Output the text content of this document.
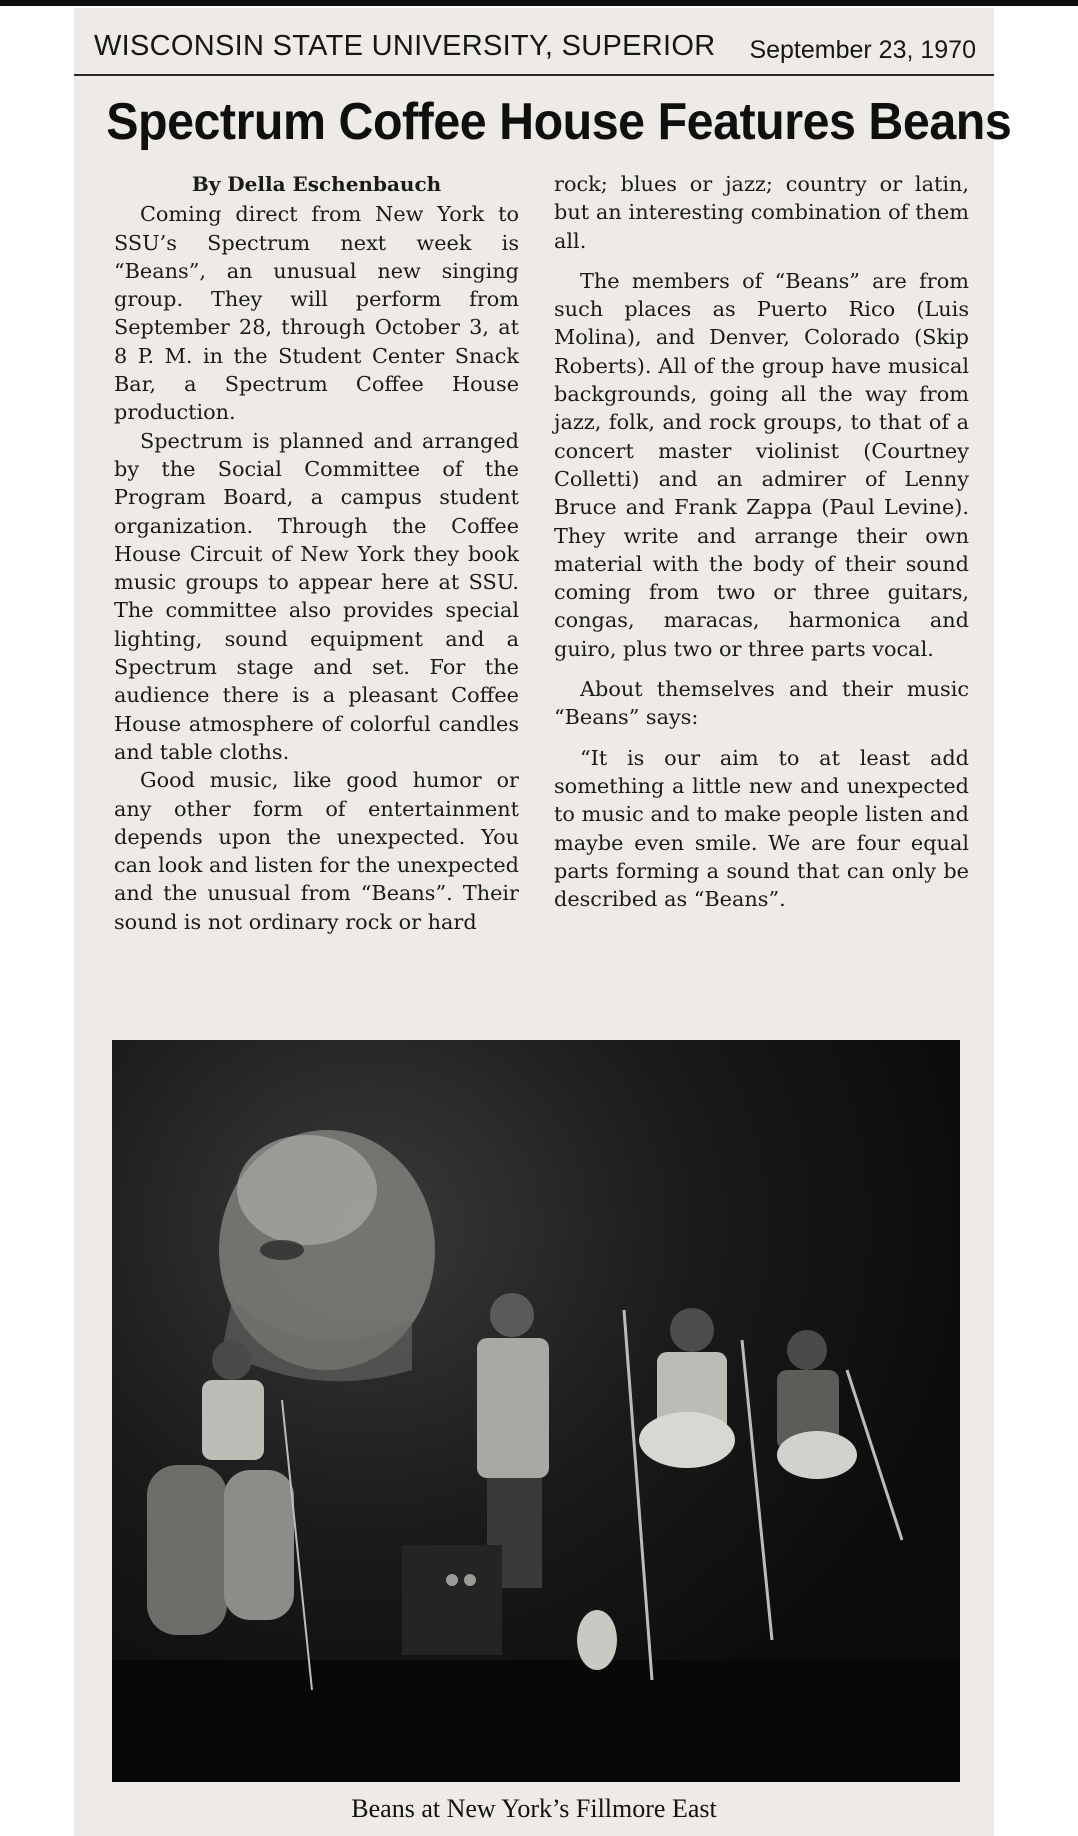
WISCONSIN STATE UNIVERSITY, SUPERIOR September 23, 1970
Spectrum Coffee House Features Beans

By Della Eschenbauch

Coming direct from New York to SSU’s Spectrum next week is “Beans”, an unusual new singing group. They will perform from September 28, through October 3, at 8 P. M. in the Student Center Snack Bar, a Spectrum Coffee House production.

Spectrum is planned and arranged by the Social Committee of the Program Board, a campus student organization. Through the Coffee House Circuit of New York they book music groups to appear here at SSU. The committee also provides special lighting, sound equipment and a Spectrum stage and set. For the audience there is a pleasant Coffee House atmosphere of colorful candles and table cloths.

Good music, like good humor or any other form of entertainment depends upon the unexpected. You can look and listen for the unexpected and the unusual from “Beans”. Their sound is not ordinary rock or hard

rock; blues or jazz; country or latin, but an interesting combination of them all.

The members of “Beans” are from such places as Puerto Rico (Luis Molina), and Denver, Colorado (Skip Roberts). All of the group have musical backgrounds, going all the way from jazz, folk, and rock groups, to that of a concert master violinist (Courtney Colletti) and an admirer of Lenny Bruce and Frank Zappa (Paul Levine). They write and arrange their own material with the body of their sound coming from two or three guitars, congas, maracas, harmonica and guiro, plus two or three parts vocal.

About themselves and their music “Beans” says:

“It is our aim to at least add something a little new and unexpected to music and to make people listen and maybe even smile. We are four equal parts forming a sound that can only be described as “Beans”.

Beans at New York’s Fillmore East
